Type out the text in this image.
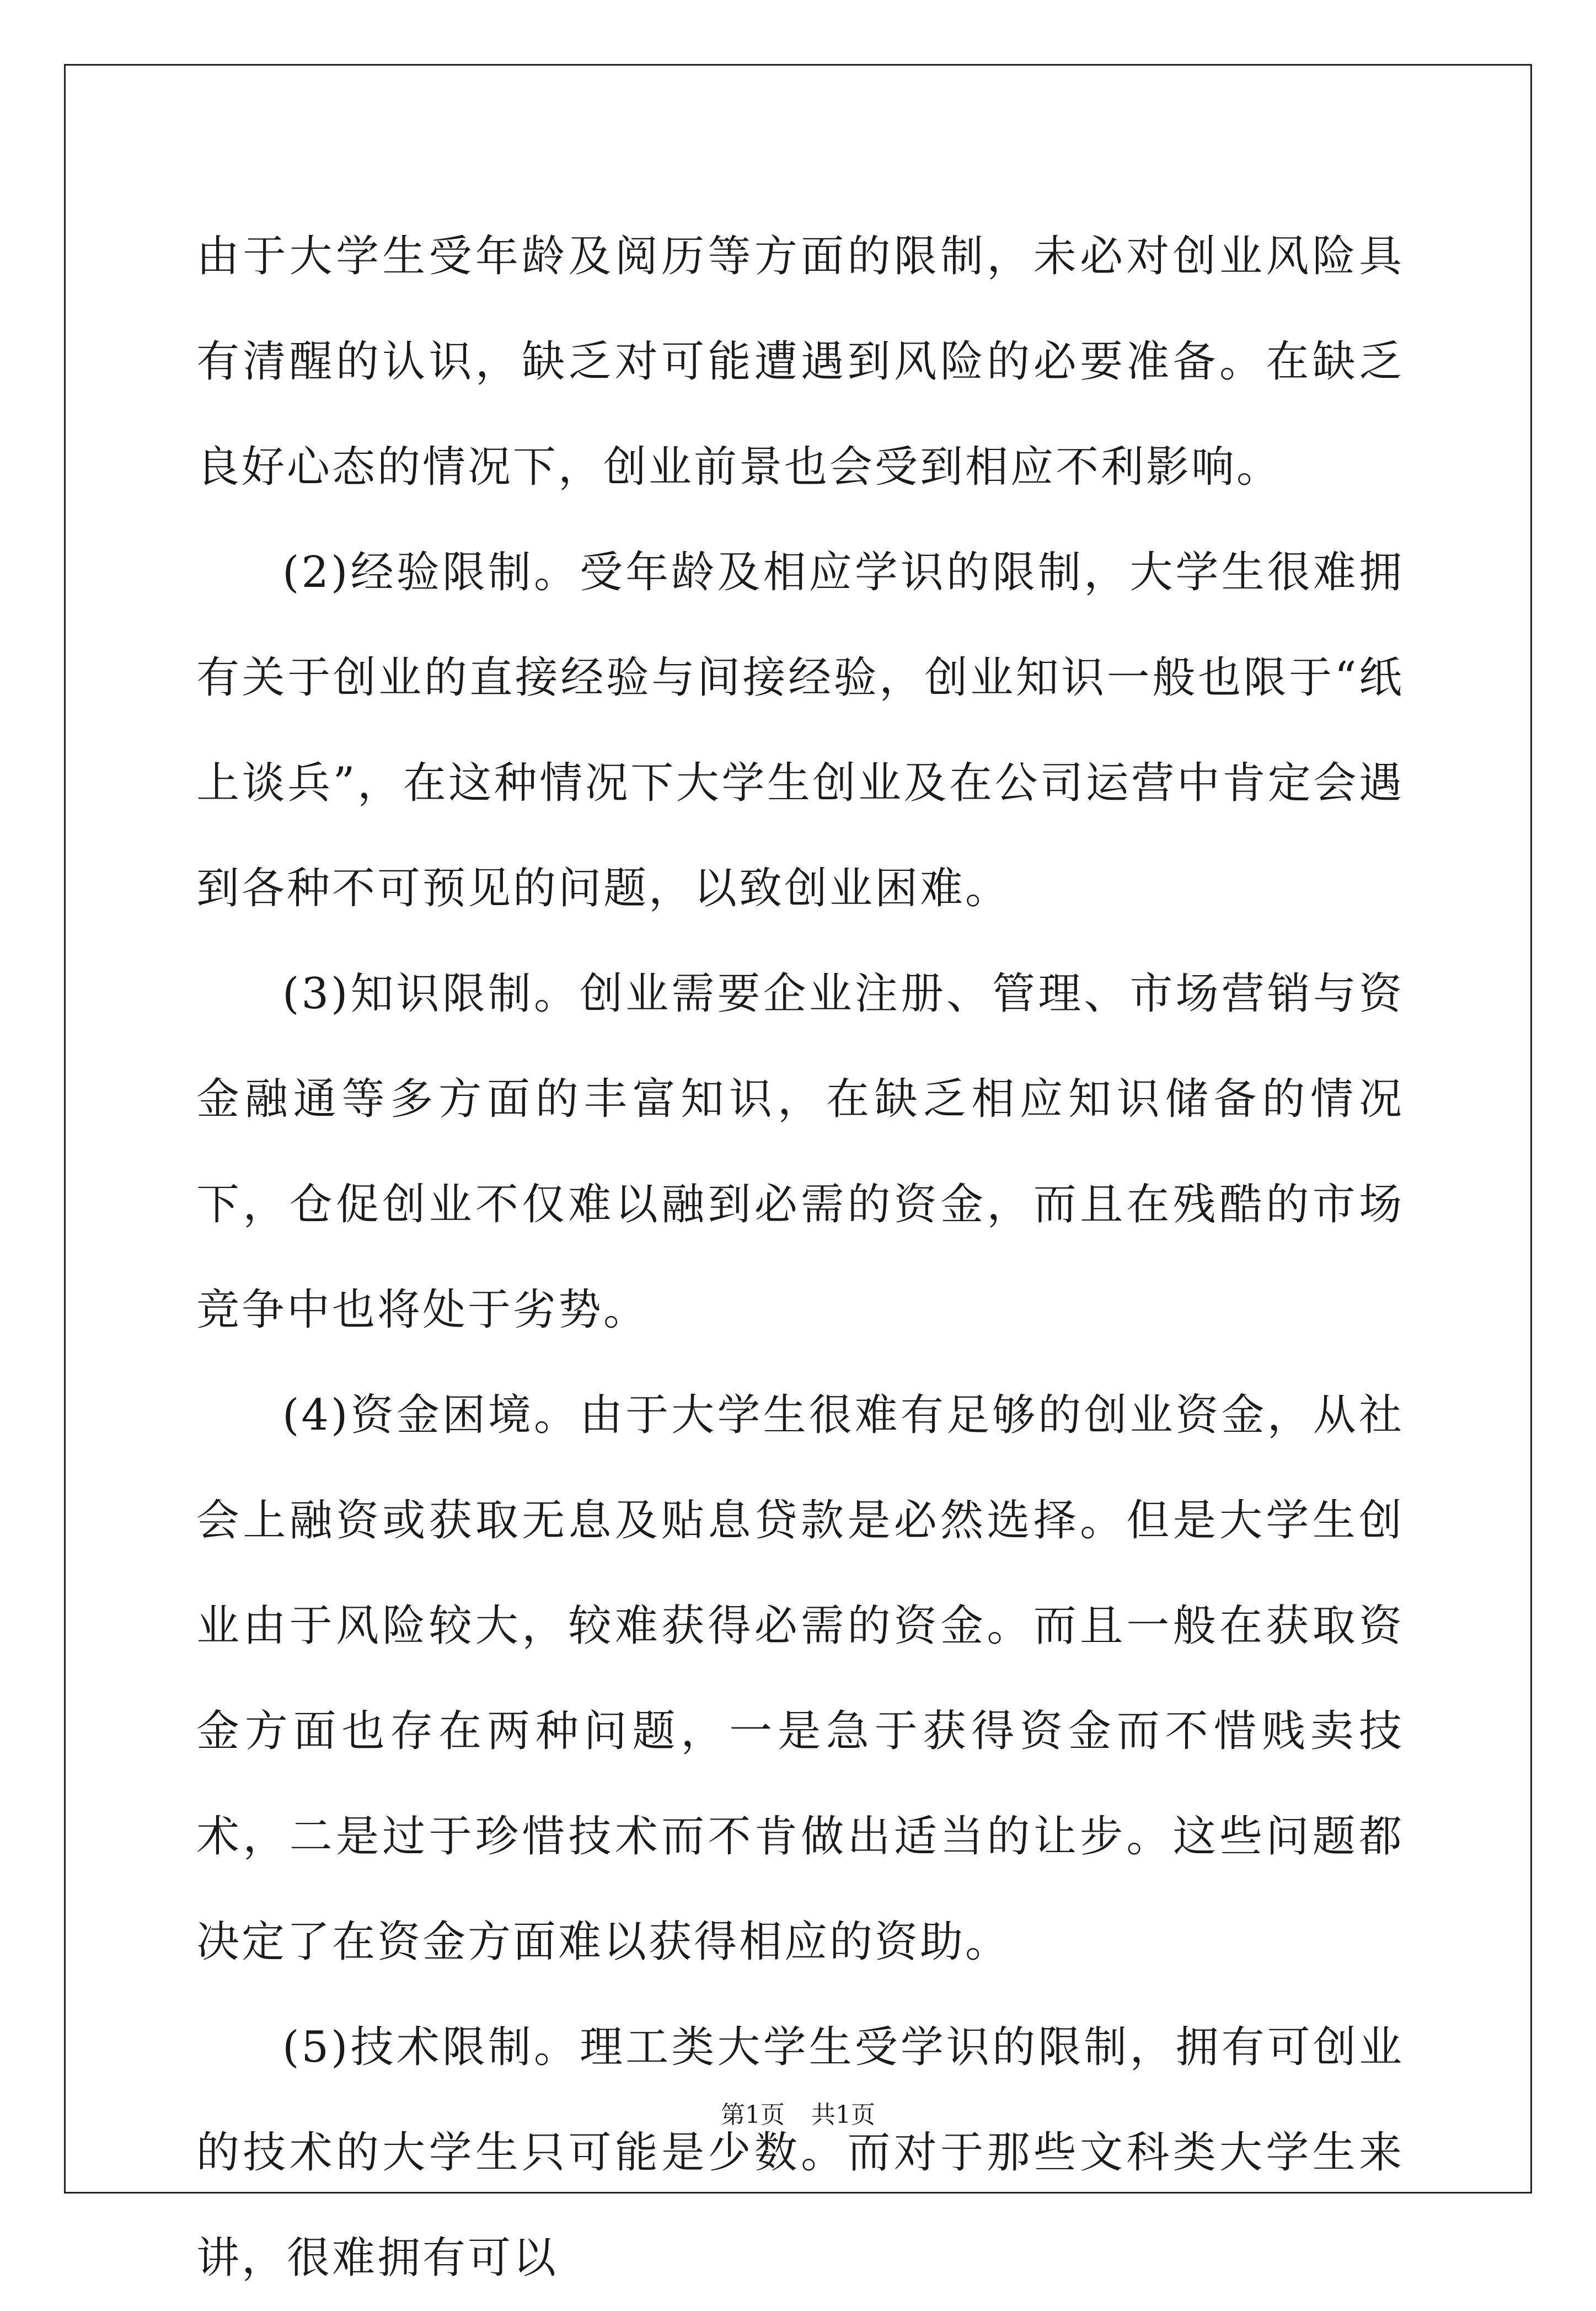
由于大学生受年龄及阅历等方面的限制，未必对创业风险具有清醒的认识，缺乏对可能遭遇到风险的必要准备。在缺乏良好心态的情况下，创业前景也会受到相应不利影响。

(2)经验限制。受年龄及相应学识的限制，大学生很难拥有关于创业的直接经验与间接经验，创业知识一般也限于“纸上谈兵”，在这种情况下大学生创业及在公司运营中肯定会遇到各种不可预见的问题，以致创业困难。

(3)知识限制。创业需要企业注册、管理、市场营销与资金融通等多方面的丰富知识，在缺乏相应知识储备的情况下，仓促创业不仅难以融到必需的资金，而且在残酷的市场竞争中也将处于劣势。

(4)资金困境。由于大学生很难有足够的创业资金，从社会上融资或获取无息及贴息贷款是必然选择。但是大学生创业由于风险较大，较难获得必需的资金。而且一般在获取资金方面也存在两种问题，一是急于获得资金而不惜贱卖技术，二是过于珍惜技术而不肯做出适当的让步。这些问题都决定了在资金方面难以获得相应的资助。

(5)技术限制。理工类大学生受学识的限制，拥有可创业的技术的大学生只可能是少数。而对于那些文科类大学生来讲，很难拥有可以

第1页 共1页
